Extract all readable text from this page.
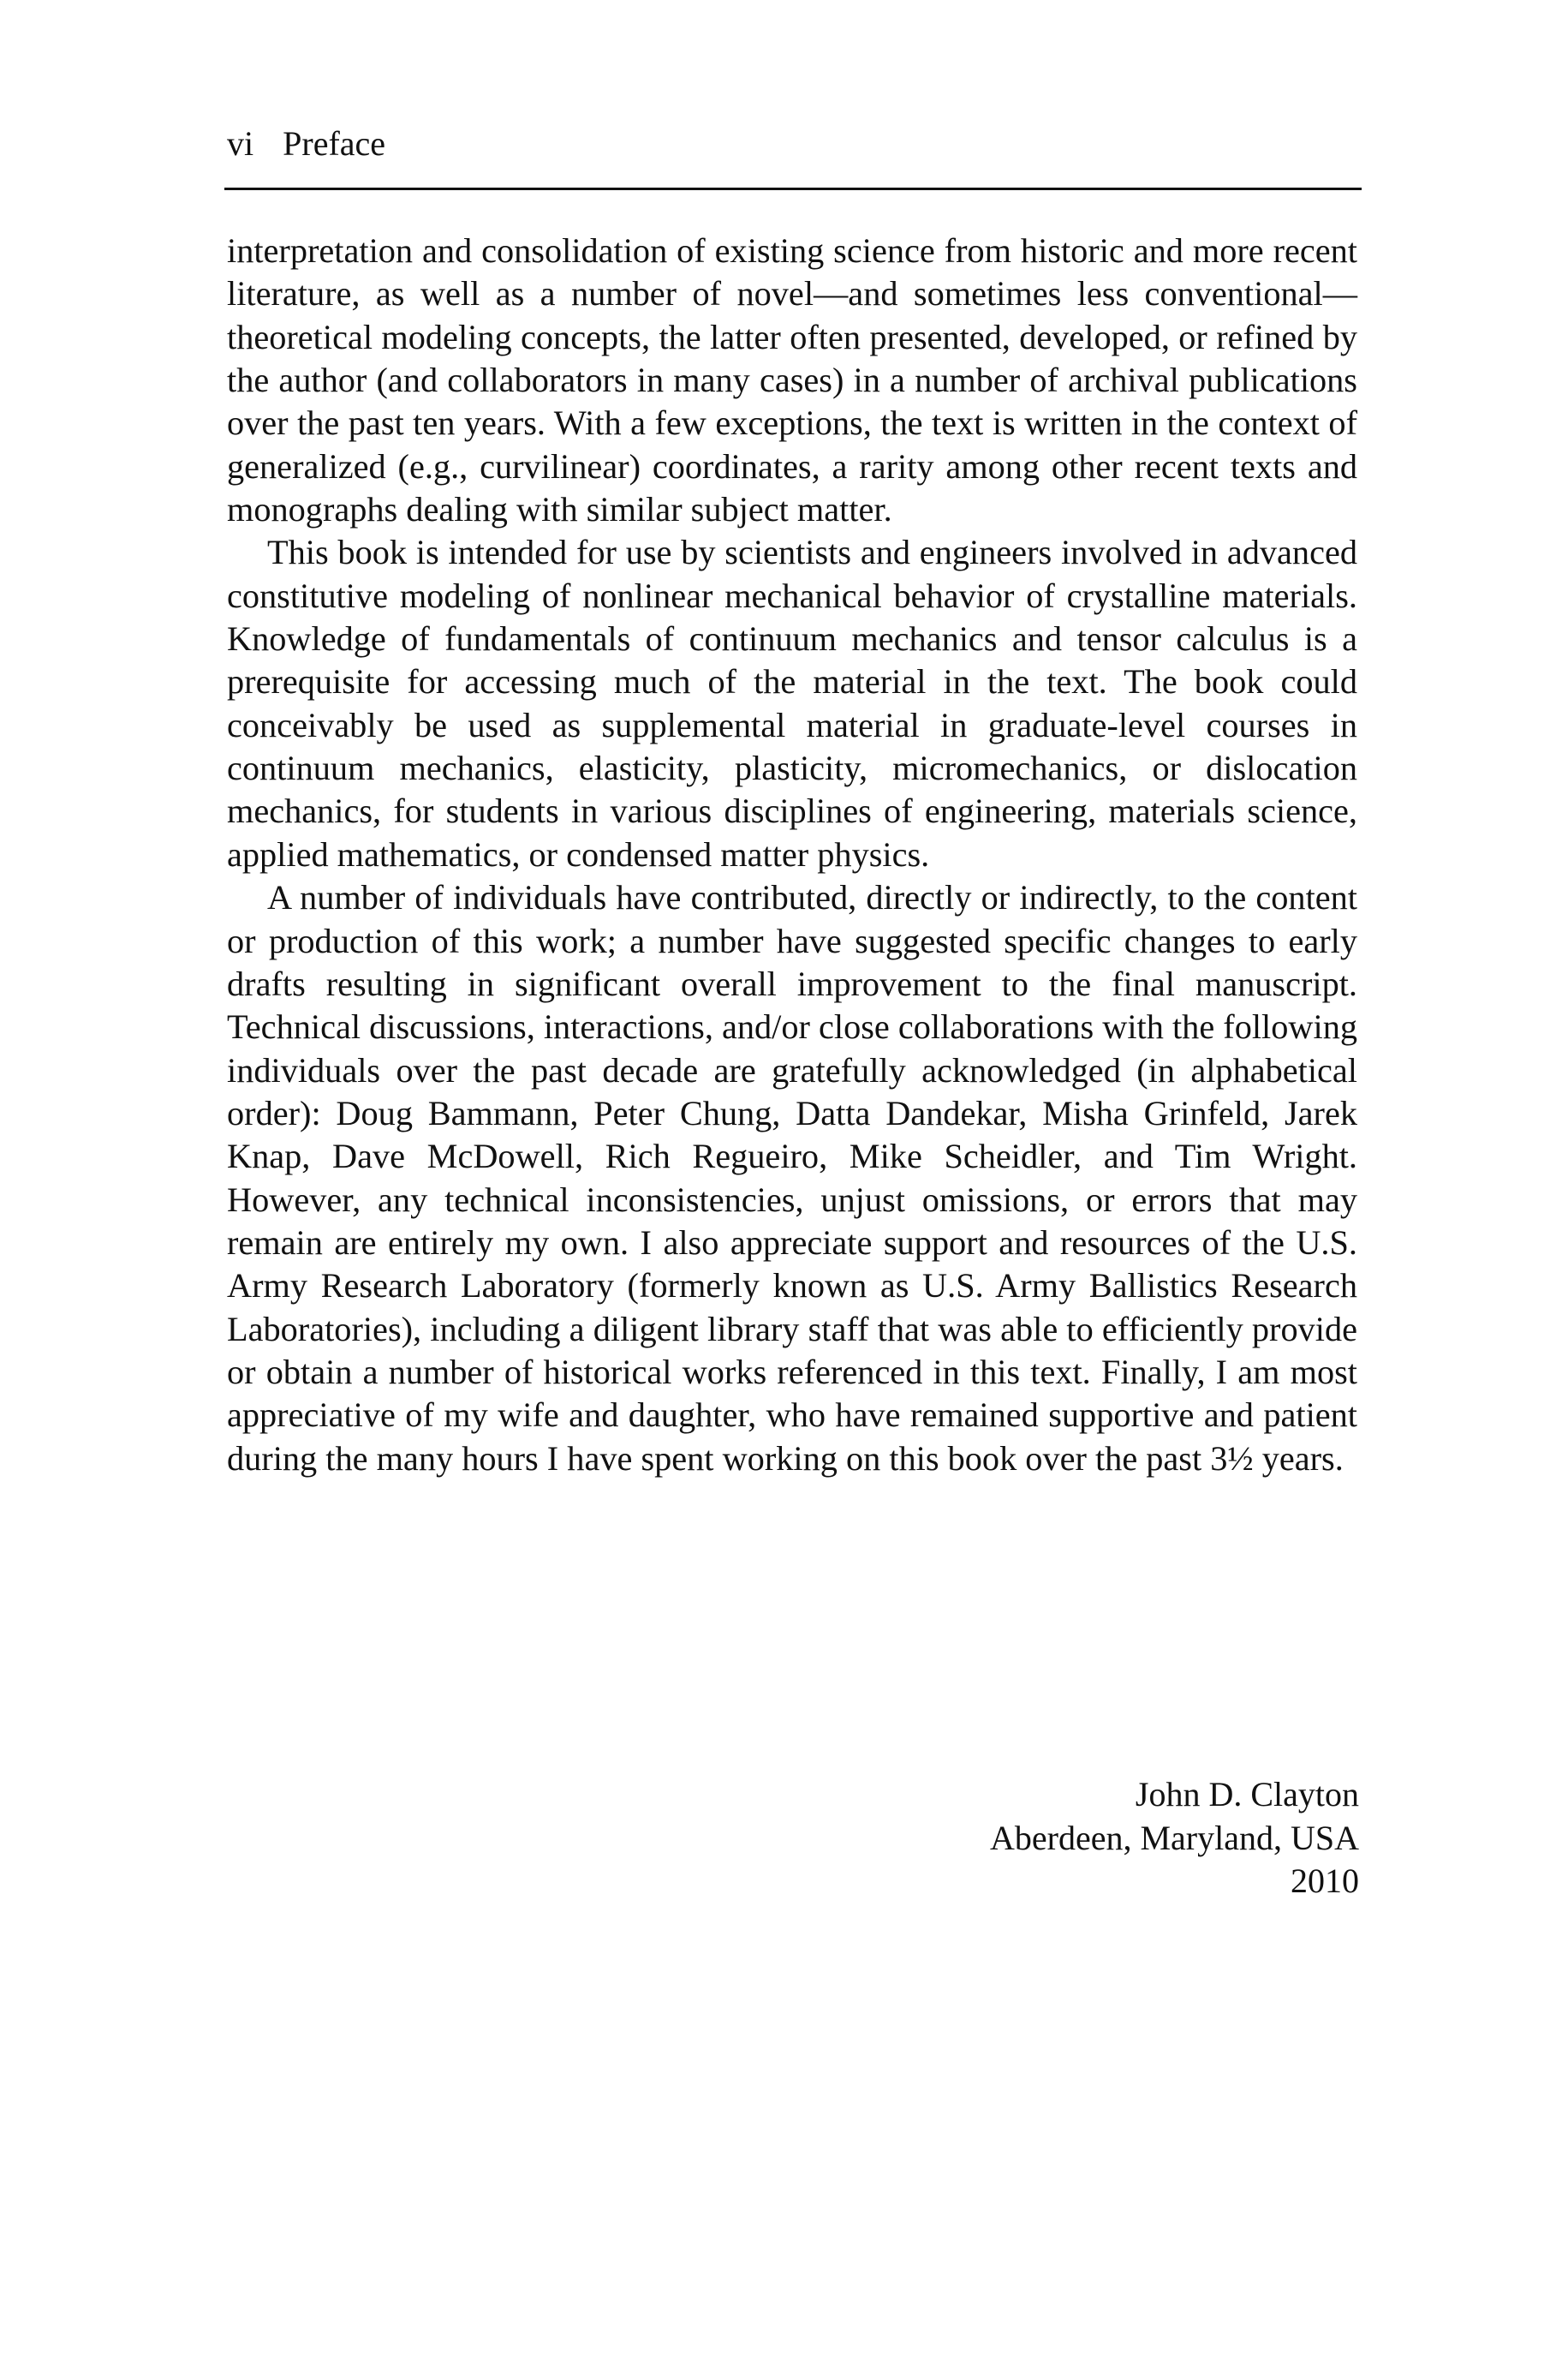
vi Preface

interpretation and consolidation of existing science from historic and more recent literature, as well as a number of novel—and sometimes less conventional—theoretical modeling concepts, the latter often presented, developed, or refined by the author (and collaborators in many cases) in a number of archival publications over the past ten years. With a few exceptions, the text is written in the context of generalized (e.g., curvilinear) coordinates, a rarity among other recent texts and monographs dealing with similar subject matter.

This book is intended for use by scientists and engineers involved in advanced constitutive modeling of nonlinear mechanical behavior of crystalline materials. Knowledge of fundamentals of continuum mechanics and tensor calculus is a prerequisite for accessing much of the material in the text. The book could conceivably be used as supplemental material in graduate-level courses in continuum mechanics, elasticity, plasticity, micromechanics, or dislocation mechanics, for students in various disciplines of engineering, materials science, applied mathematics, or condensed matter physics.

A number of individuals have contributed, directly or indirectly, to the content or production of this work; a number have suggested specific changes to early drafts resulting in significant overall improvement to the final manuscript. Technical discussions, interactions, and/or close collaborations with the following individuals over the past decade are gratefully acknowledged (in alphabetical order): Doug Bammann, Peter Chung, Datta Dandekar, Misha Grinfeld, Jarek Knap, Dave McDowell, Rich Regueiro, Mike Scheidler, and Tim Wright. However, any technical inconsistencies, unjust omissions, or errors that may remain are entirely my own. I also appreciate support and resources of the U.S. Army Research Laboratory (formerly known as U.S. Army Ballistics Research Laboratories), including a diligent library staff that was able to efficiently provide or obtain a number of historical works referenced in this text. Finally, I am most appreciative of my wife and daughter, who have remained supportive and patient during the many hours I have spent working on this book over the past 3½ years.

John D. Clayton
Aberdeen, Maryland, USA
2010
